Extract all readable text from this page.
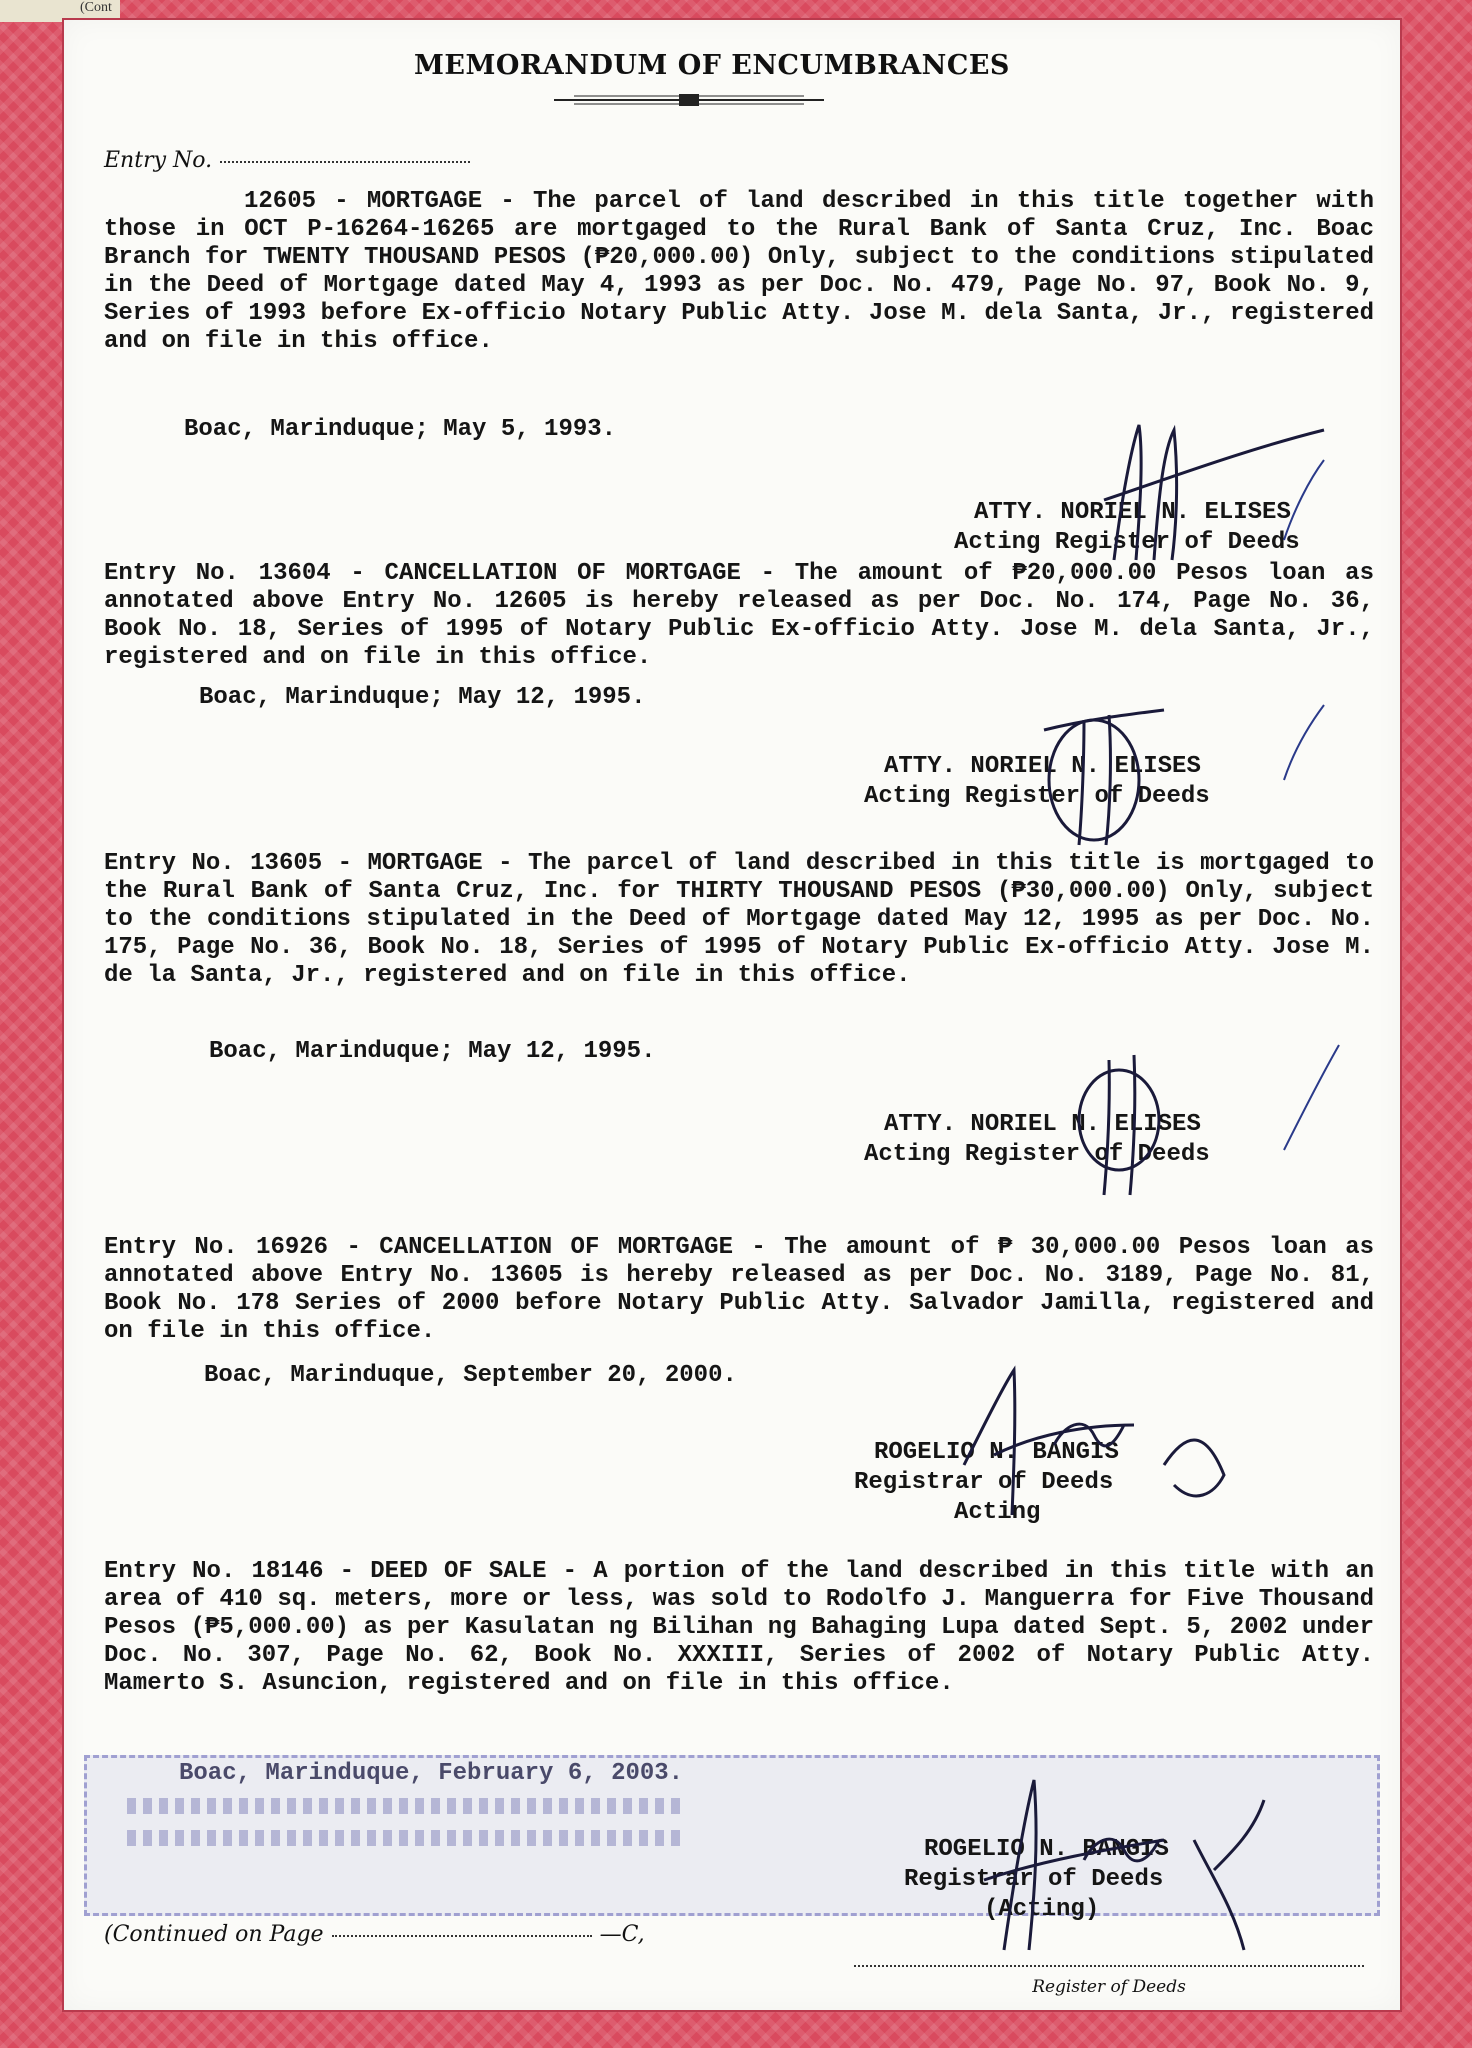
(Cont
MEMORANDUM OF ENCUMBRANCES
Entry No.
12605 - MORTGAGE - The parcel of land described in this title together with those in OCT P-16264-16265 are mortgaged to the Rural Bank of Santa Cruz, Inc. Boac Branch for TWENTY THOUSAND PESOS (₱20,000.00) Only, subject to the conditions stipulated in the Deed of Mortgage dated May 4, 1993 as per Doc. No. 479, Page No. 97, Book No. 9, Series of 1993 before Ex-officio Notary Public Atty. Jose M. dela Santa, Jr., registered and on file in this office.
Boac, Marinduque; May 5, 1993.
ATTY. NORIEL N. ELISES
Acting Register of Deeds
Entry No. 13604 - CANCELLATION OF MORTGAGE - The amount of ₱20,000.00 Pesos loan as annotated above Entry No. 12605 is hereby released as per Doc. No. 174, Page No. 36, Book No. 18, Series of 1995 of Notary Public Ex-officio Atty. Jose M. dela Santa, Jr., registered and on file in this office.
Boac, Marinduque; May 12, 1995.
ATTY. NORIEL N. ELISES
Acting Register of Deeds
Entry No. 13605 - MORTGAGE - The parcel of land described in this title is mortgaged to the Rural Bank of Santa Cruz, Inc. for THIRTY THOUSAND PESOS (₱30,000.00) Only, subject to the conditions stipulated in the Deed of Mortgage dated May 12, 1995 as per Doc. No. 175, Page No. 36, Book No. 18, Series of 1995 of Notary Public Ex-officio Atty. Jose M. de la Santa, Jr., registered and on file in this office.
Boac, Marinduque; May 12, 1995.
ATTY. NORIEL N. ELISES
Acting Register of Deeds
Entry No. 16926 - CANCELLATION OF MORTGAGE - The amount of ₱ 30,000.00 Pesos loan as annotated above Entry No. 13605 is hereby released as per Doc. No. 3189, Page No. 81, Book No. 178 Series of 2000 before Notary Public Atty. Salvador Jamilla, registered and on file in this office.
Boac, Marinduque, September 20, 2000.
ROGELIO N. BANGIS
Registrar of Deeds
Acting
Entry No. 18146 - DEED OF SALE - A portion of the land described in this title with an area of 410 sq. meters, more or less, was sold to Rodolfo J. Manguerra for Five Thousand Pesos (₱5,000.00) as per Kasulatan ng Bilihan ng Bahaging Lupa dated Sept. 5, 2002 under Doc. No. 307, Page No. 62, Book No. XXXIII, Series of 2002 of Notary Public Atty. Mamerto S. Asuncion, registered and on file in this office.
Boac, Marinduque, February 6, 2003.
ROGELIO N. BANGIS
Registrar of Deeds
(Acting)
(Continued on Page	—C,
Register of Deeds
